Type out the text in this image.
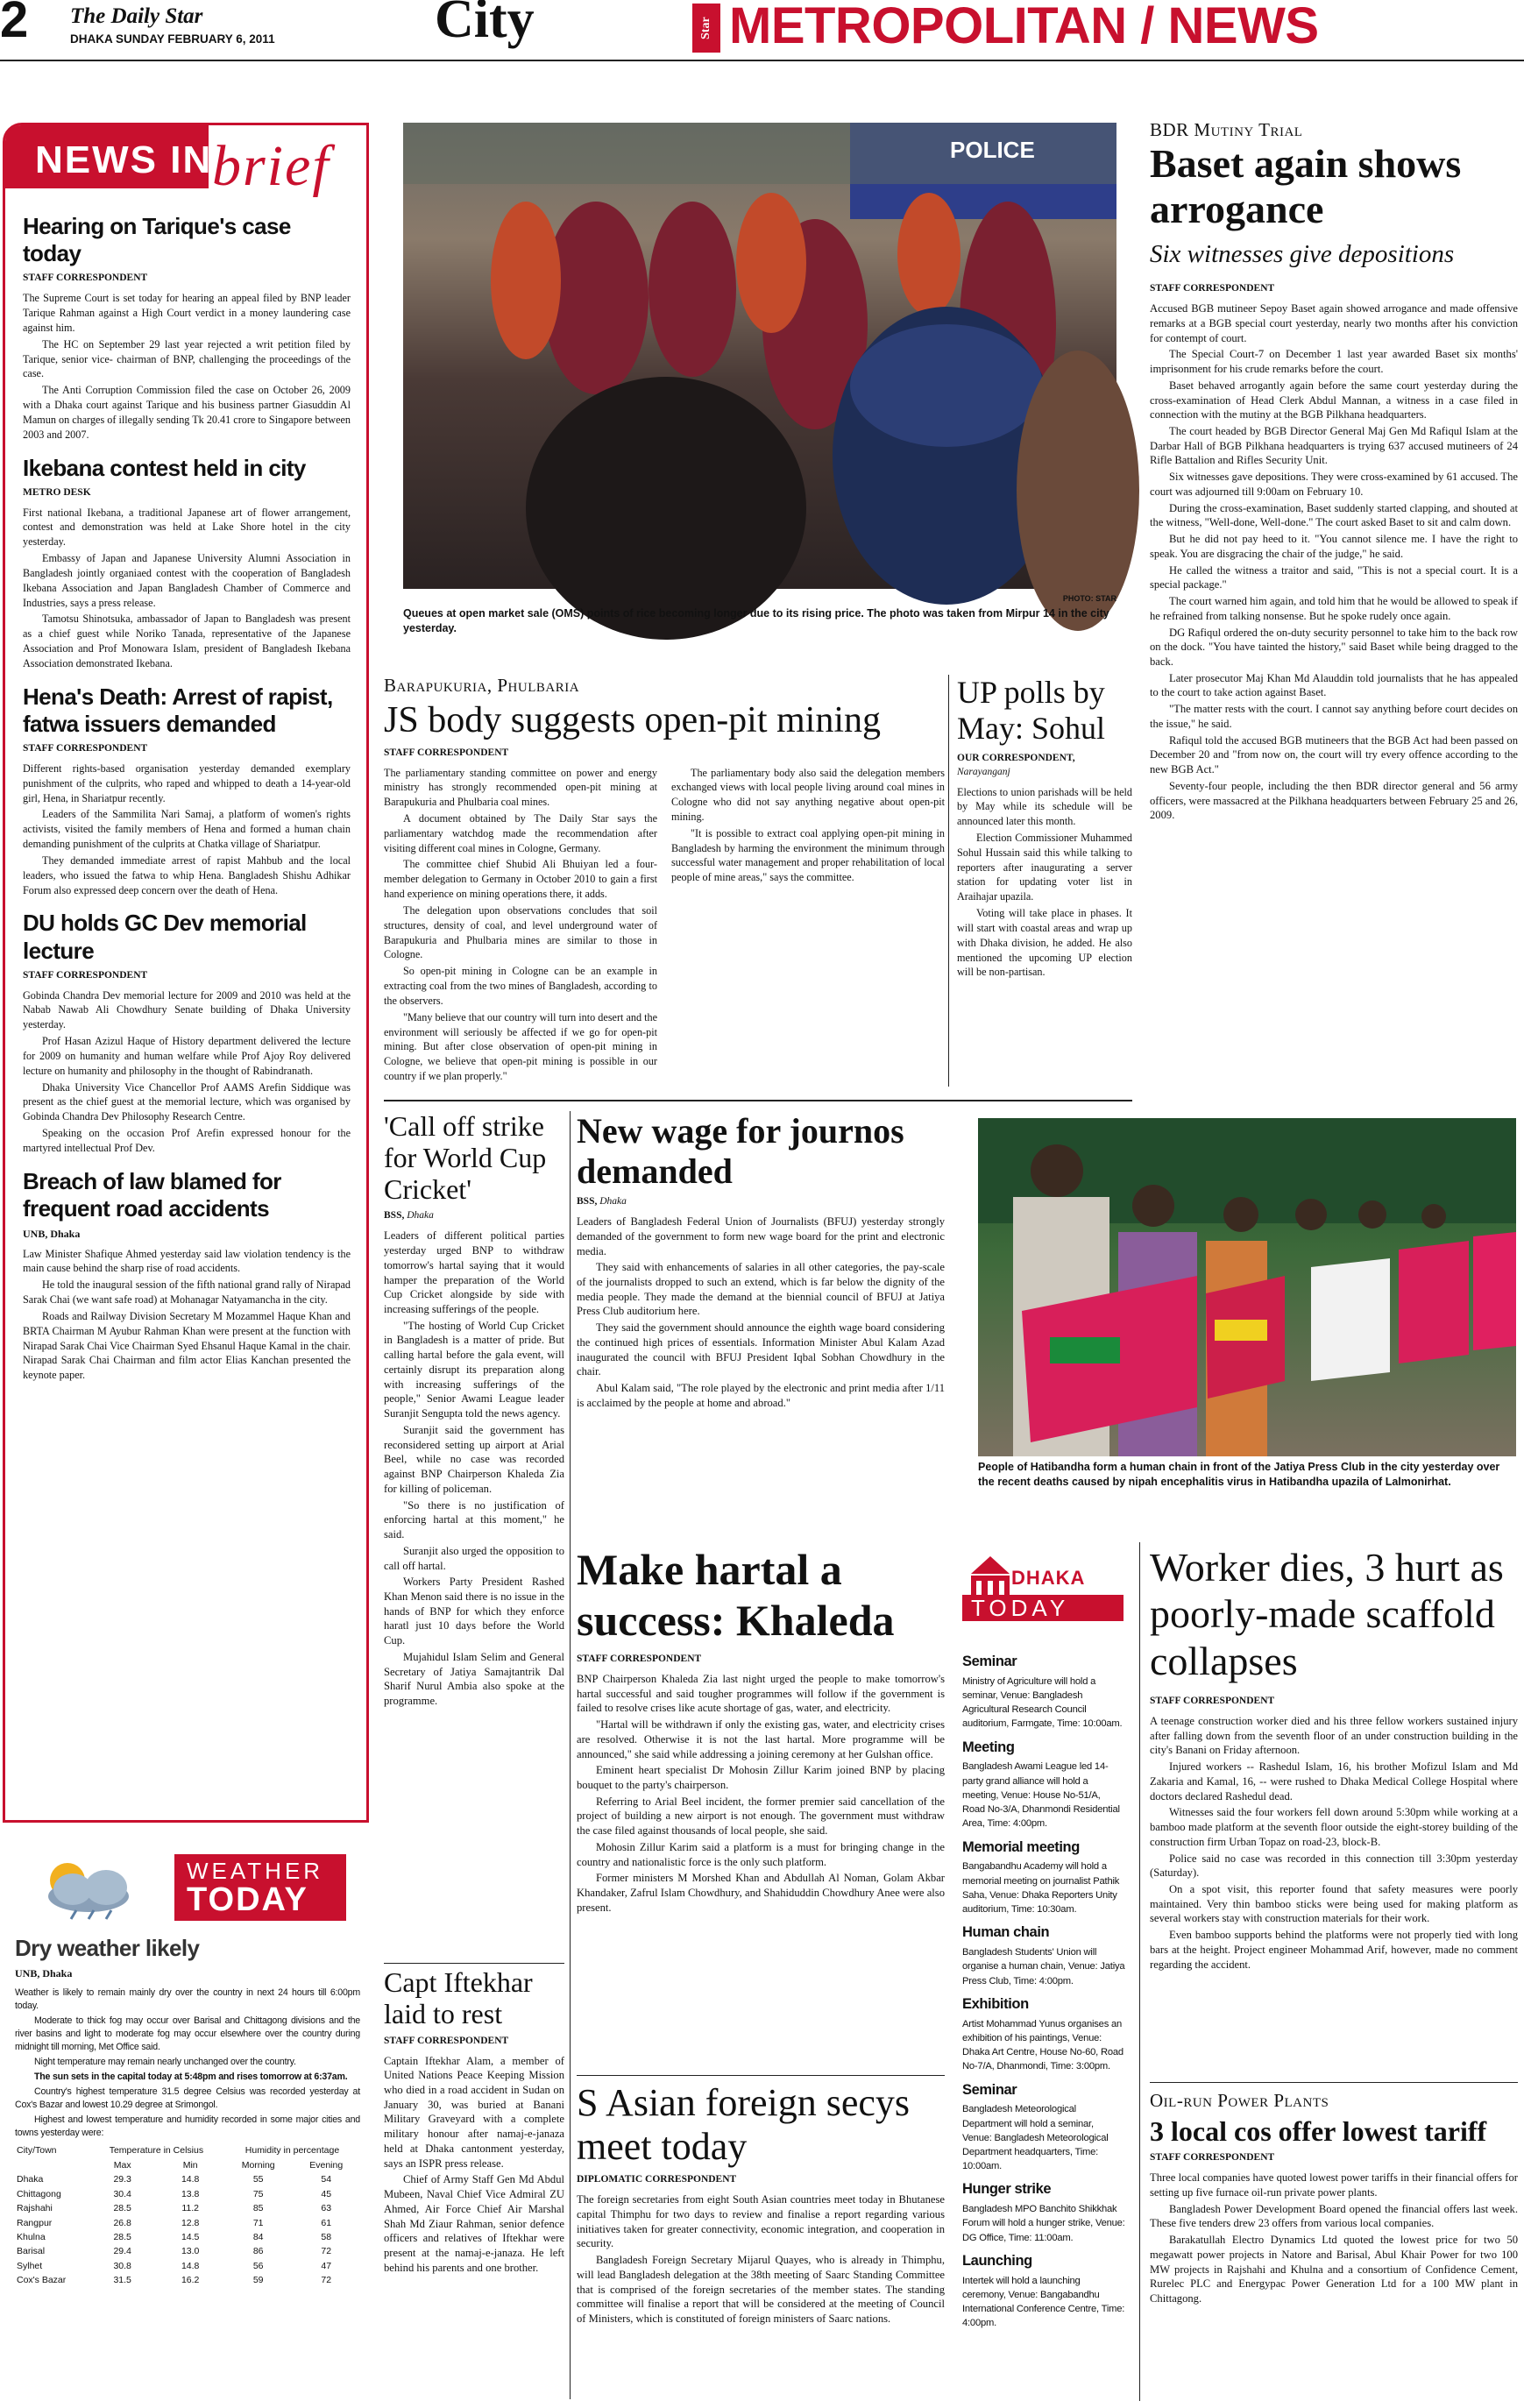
2 The Daily Star
DHAKA SUNDAY FEBRUARY 6, 2011	City	Star METROPOLITAN / NEWS
NEWS IN brief
Hearing on Tarique's case today
STAFF CORRESPONDENT

The Supreme Court is set today for hearing an appeal filed by BNP leader Tarique Rahman against a High Court verdict in a money laundering case against him.

The HC on September 29 last year rejected a writ petition filed by Tarique, senior vice- chairman of BNP, challenging the proceedings of the case.

The Anti Corruption Commission filed the case on October 26, 2009 with a Dhaka court against Tarique and his business partner Giasuddin Al Mamun on charges of illegally sending Tk 20.41 crore to Singapore between 2003 and 2007.

Ikebana contest held in city
METRO DESK

First national Ikebana, a traditional Japanese art of flower arrangement, contest and demonstration was held at Lake Shore hotel in the city yesterday.

Embassy of Japan and Japanese University Alumni Association in Bangladesh jointly organiaed contest with the cooperation of Bangladesh Ikebana Association and Japan Bangladesh Chamber of Commerce and Industries, says a press release.

Tamotsu Shinotsuka, ambassador of Japan to Bangladesh was present as a chief guest while Noriko Tanada, representative of the Japanese Association and Prof Monowara Islam, president of Bangladesh Ikebana Association demonstrated Ikebana.

Hena's Death: Arrest of rapist, fatwa issuers demanded
STAFF CORRESPONDENT

Different rights-based organisation yesterday demanded exemplary punishment of the culprits, who raped and whipped to death a 14-year-old girl, Hena, in Shariatpur recently.

Leaders of the Sammilita Nari Samaj, a platform of women's rights activists, visited the family members of Hena and formed a human chain demanding punishment of the culprits at Chatka village of Shariatpur.

They demanded immediate arrest of rapist Mahbub and the local leaders, who issued the fatwa to whip Hena. Bangladesh Shishu Adhikar Forum also expressed deep concern over the death of Hena.

DU holds GC Dev memorial lecture
STAFF CORRESPONDENT

Gobinda Chandra Dev memorial lecture for 2009 and 2010 was held at the Nabab Nawab Ali Chowdhury Senate building of Dhaka University yesterday.

Prof Hasan Azizul Haque of History department delivered the lecture for 2009 on humanity and human welfare while Prof Ajoy Roy delivered lecture on humanity and philosophy in the thought of Rabindranath.

Dhaka University Vice Chancellor Prof AAMS Arefin Siddique was present as the chief guest at the memorial lecture, which was organised by Gobinda Chandra Dev Philosophy Research Centre.

Speaking on the occasion Prof Arefin expressed honour for the martyred intellectual Prof Dev.

Breach of law blamed for frequent road accidents
UNB, Dhaka

Law Minister Shafique Ahmed yesterday said law violation tendency is the main cause behind the sharp rise of road accidents.

He told the inaugural session of the fifth national grand rally of Nirapad Sarak Chai (we want safe road) at Mohanagar Natyamancha in the city.

Roads and Railway Division Secretary M Mozammel Haque Khan and BRTA Chairman M Ayubur Rahman Khan were present at the function with Nirapad Sarak Chai Vice Chairman Syed Ehsanul Haque Kamal in the chair. Nirapad Sarak Chai Chairman and film actor Elias Kanchan presented the keynote paper.

WEATHER
TODAY
Dry weather likely
UNB, Dhaka

Weather is likely to remain mainly dry over the country in next 24 hours till 6:00pm today.

Moderate to thick fog may occur over Barisal and Chittagong divisions and the river basins and light to moderate fog may occur elsewhere over the country during midnight till morning, Met Office said.

Night temperature may remain nearly unchanged over the country.

The sun sets in the capital today at 5:48pm and rises tomorrow at 6:37am.

Country's highest temperature 31.5 degree Celsius was recorded yesterday at Cox's Bazar and lowest 10.29 degree at Srimongol.

Highest and lowest temperature and humidity recorded in some major cities and towns yesterday were:

City/Town	Temperature in Celsius		Humidity in percentage	
	Max	Min	Morning	Evening
Dhaka	29.3	14.8	55	54
Chittagong	30.4	13.8	75	45
Rajshahi	28.5	11.2	85	63
Rangpur	26.8	12.8	71	61
Khulna	28.5	14.5	84	58
Barisal	29.4	13.0	86	72
Sylhet	30.8	14.8	56	47
Cox's Bazar	31.5	16.2	59	72
POLICE
PHOTO: STAR
Queues at open market sale (OMS) points of rice becoming longer due to its rising price. The photo was taken from Mirpur 14 in the city yesterday.
BDR Mutiny Trial
Baset again shows arrogance
Six witnesses give depositions
STAFF CORRESPONDENT

Accused BGB mutineer Sepoy Baset again showed arrogance and made offensive remarks at a BGB special court yesterday, nearly two months after his conviction for contempt of court.

The Special Court-7 on December 1 last year awarded Baset six months' imprisonment for his crude remarks before the court.

Baset behaved arrogantly again before the same court yesterday during the cross-examination of Head Clerk Abdul Mannan, a witness in a case filed in connection with the mutiny at the BGB Pilkhana headquarters.

The court headed by BGB Director General Maj Gen Md Rafiqul Islam at the Darbar Hall of BGB Pilkhana headquarters is trying 637 accused mutineers of 24 Rifle Battalion and Rifles Security Unit.

Six witnesses gave depositions. They were cross-examined by 61 accused. The court was adjourned till 9:00am on February 10.

During the cross-examination, Baset suddenly started clapping, and shouted at the witness, "Well-done, Well-done." The court asked Baset to sit and calm down.

But he did not pay heed to it. "You cannot silence me. I have the right to speak. You are disgracing the chair of the judge," he said.

He called the witness a traitor and said, "This is not a special court. It is a special package."

The court warned him again, and told him that he would be allowed to speak if he refrained from talking nonsense. But he spoke rudely once again.

DG Rafiqul ordered the on-duty security personnel to take him to the back row on the dock. "You have tainted the history," said Baset while being dragged to the back.

Later prosecutor Maj Khan Md Alauddin told journalists that he has appealed to the court to take action against Baset.

"The matter rests with the court. I cannot say anything before court decides on the issue," he said.

Rafiqul told the accused BGB mutineers that the BGB Act had been passed on December 20 and "from now on, the court will try every offence according to the new BGB Act."

Seventy-four people, including the then BDR director general and 56 army officers, were massacred at the Pilkhana headquarters between February 25 and 26, 2009.

Barapukuria, Phulbaria
JS body suggests open-pit mining
STAFF CORRESPONDENT

The parliamentary standing committee on power and energy ministry has strongly recommended open-pit mining at Barapukuria and Phulbaria coal mines.

A document obtained by The Daily Star says the parliamentary watchdog made the recommendation after visiting different coal mines in Cologne, Germany.

The committee chief Shubid Ali Bhuiyan led a four-member delegation to Germany in October 2010 to gain a first hand experience on mining operations there, it adds.

The delegation upon observations concludes that soil structures, density of coal, and level underground water of Barapukuria and Phulbaria mines are similar to those in Cologne.

So open-pit mining in Cologne can be an example in extracting coal from the two mines of Bangladesh, according to the observers.

"Many believe that our country will turn into desert and the environment will seriously be affected if we go for open-pit mining. But after close observation of open-pit mining in Cologne, we believe that open-pit mining is possible in our country if we plan properly."

The parliamentary body also said the delegation members exchanged views with local people living around coal mines in Cologne who did not say anything negative about open-pit mining.

"It is possible to extract coal applying open-pit mining in Bangladesh by harming the environment the minimum through successful water management and proper rehabilitation of local people of mine areas," says the committee.

UP polls by May: Sohul
OUR CORRESPONDENT,
Narayanganj

Elections to union parishads will be held by May while its schedule will be announced later this month.

Election Commissioner Muhammed Sohul Hussain said this while talking to reporters after inaugurating a server station for updating voter list in Araihajar upazila.

Voting will take place in phases. It will start with coastal areas and wrap up with Dhaka division, he added. He also mentioned the upcoming UP election will be non-partisan.

'Call off strike for World Cup Cricket'
BSS, Dhaka

Leaders of different political parties yesterday urged BNP to withdraw tomorrow's hartal saying that it would hamper the preparation of the World Cup Cricket alongside by side with increasing sufferings of the people.

"The hosting of World Cup Cricket in Bangladesh is a matter of pride. But calling hartal before the gala event, will certainly disrupt its preparation along with increasing sufferings of the people," Senior Awami League leader Suranjit Sengupta told the news agency.

Suranjit said the government has reconsidered setting up airport at Arial Beel, while no case was recorded against BNP Chairperson Khaleda Zia for killing of policeman.

"So there is no justification of enforcing hartal at this moment," he said.

Suranjit also urged the opposition to call off hartal.

Workers Party President Rashed Khan Menon said there is no issue in the hands of BNP for which they enforce haratl just 10 days before the World Cup.

Mujahidul Islam Selim and General Secretary of Jatiya Samajtantrik Dal Sharif Nurul Ambia also spoke at the programme.

Capt Iftekhar laid to rest
STAFF CORRESPONDENT

Captain Iftekhar Alam, a member of United Nations Peace Keeping Mission who died in a road accident in Sudan on January 30, was buried at Banani Military Graveyard with a complete military honour after namaj-e-janaza held at Dhaka cantonment yesterday, says an ISPR press release.

Chief of Army Staff Gen Md Abdul Mubeen, Naval Chief Vice Admiral ZU Ahmed, Air Force Chief Air Marshal Shah Md Ziaur Rahman, senior defence officers and relatives of Iftekhar were present at the namaj-e-janaza. He left behind his parents and one brother.

New wage for journos demanded
BSS, Dhaka

Leaders of Bangladesh Federal Union of Journalists (BFUJ) yesterday strongly demanded of the government to form new wage board for the print and electronic media.

They said with enhancements of salaries in all other categories, the pay-scale of the journalists dropped to such an extend, which is far below the dignity of the media people. They made the demand at the biennial council of BFUJ at Jatiya Press Club auditorium here.

They said the government should announce the eighth wage board considering the continued high prices of essentials. Information Minister Abul Kalam Azad inaugurated the council with BFUJ President Iqbal Sobhan Chowdhury in the chair.

Abul Kalam said, "The role played by the electronic and print media after 1/11 is acclaimed by the people at home and abroad."

PHOTO: STAR
People of Hatibandha form a human chain in front of the Jatiya Press Club in the city yesterday over the recent deaths caused by nipah encephalitis virus in Hatibandha upazila of Lalmonirhat.
Make hartal a success: Khaleda
STAFF CORRESPONDENT

BNP Chairperson Khaleda Zia last night urged the people to make tomorrow's hartal successful and said tougher programmes will follow if the government is failed to resolve crises like acute shortage of gas, water, and electricity.

"Hartal will be withdrawn if only the existing gas, water, and electricity crises are resolved. Otherwise it is not the last hartal. More programme will be announced," she said while addressing a joining ceremony at her Gulshan office.

Eminent heart specialist Dr Mohosin Zillur Karim joined BNP by placing bouquet to the party's chairperson.

Referring to Arial Beel incident, the former premier said cancellation of the project of building a new airport is not enough. The government must withdraw the case filed against thousands of local people, she said.

Mohosin Zillur Karim said a platform is a must for bringing change in the country and nationalistic force is the only such platform.

Former ministers M Morshed Khan and Abdullah Al Noman, Golam Akbar Khandaker, Zafrul Islam Chowdhury, and Shahiduddin Chowdhury Anee were also present.

S Asian foreign secys meet today
DIPLOMATIC CORRESPONDENT

The foreign secretaries from eight South Asian countries meet today in Bhutanese capital Thimphu for two days to review and finalise a report regarding various initiatives taken for greater connectivity, economic integration, and cooperation in security.

Bangladesh Foreign Secretary Mijarul Quayes, who is already in Thimphu, will lead Bangladesh delegation at the 38th meeting of Saarc Standing Committee that is comprised of the foreign secretaries of the member states. The standing committee will finalise a report that will be considered at the meeting of Council of Ministers, which is constituted of foreign ministers of Saarc nations.

DHAKA
TODAY
Seminar
Ministry of Agriculture will hold a seminar, Venue: Bangladesh Agricultural Research Council auditorium, Farmgate, Time: 10:00am.
Meeting
Bangladesh Awami League led 14-party grand alliance will hold a meeting, Venue: House No-51/A, Road No-3/A, Dhanmondi Residential Area, Time: 4:00pm.
Memorial meeting
Bangabandhu Academy will hold a memorial meeting on journalist Pathik Saha, Venue: Dhaka Reporters Unity auditorium, Time: 10:30am.
Human chain
Bangladesh Students' Union will organise a human chain, Venue: Jatiya Press Club, Time: 4:00pm.
Exhibition
Artist Mohammad Yunus organises an exhibition of his paintings, Venue: Dhaka Art Centre, House No-60, Road No-7/A, Dhanmondi, Time: 3:00pm.
Seminar
Bangladesh Meteorological Department will hold a seminar, Venue: Bangladesh Meteorological Department headquarters, Time: 10:00am.
Hunger strike
Bangladesh MPO Banchito Shikkhak Forum will hold a hunger strike, Venue: DG Office, Time: 11:00am.
Launching
Intertek will hold a launching ceremony, Venue: Bangabandhu International Conference Centre, Time: 4:00pm.
Worker dies, 3 hurt as poorly-made scaffold collapses
STAFF CORRESPONDENT

A teenage construction worker died and his three fellow workers sustained injury after falling down from the seventh floor of an under construction building in the city's Banani on Friday afternoon.

Injured workers -- Rashedul Islam, 16, his brother Mofizul Islam and Md Zakaria and Kamal, 16, -- were rushed to Dhaka Medical College Hospital where doctors declared Rashedul dead.

Witnesses said the four workers fell down around 5:30pm while working at a bamboo made platform at the seventh floor outside the eight-storey building of the construction firm Urban Topaz on road-23, block-B.

Police said no case was recorded in this connection till 3:30pm yesterday (Saturday).

On a spot visit, this reporter found that safety measures were poorly maintained. Very thin bamboo sticks were being used for making platform as several workers stay with construction materials for their work.

Even bamboo supports behind the platforms were not properly tied with long bars at the height. Project engineer Mohammad Arif, however, made no comment regarding the accident.

Oil-run Power Plants
3 local cos offer lowest tariff
STAFF CORRESPONDENT

Three local companies have quoted lowest power tariffs in their financial offers for setting up five furnace oil-run private power plants.

Bangladesh Power Development Board opened the financial offers last week. These five tenders drew 23 offers from various local companies.

Barakatullah Electro Dynamics Ltd quoted the lowest price for two 50 megawatt power projects in Natore and Barisal, Abul Khair Power for two 100 MW projects in Rajshahi and Khulna and a consortium of Confidence Cement, Rurelec PLC and Energypac Power Generation Ltd for a 100 MW plant in Chittagong.
